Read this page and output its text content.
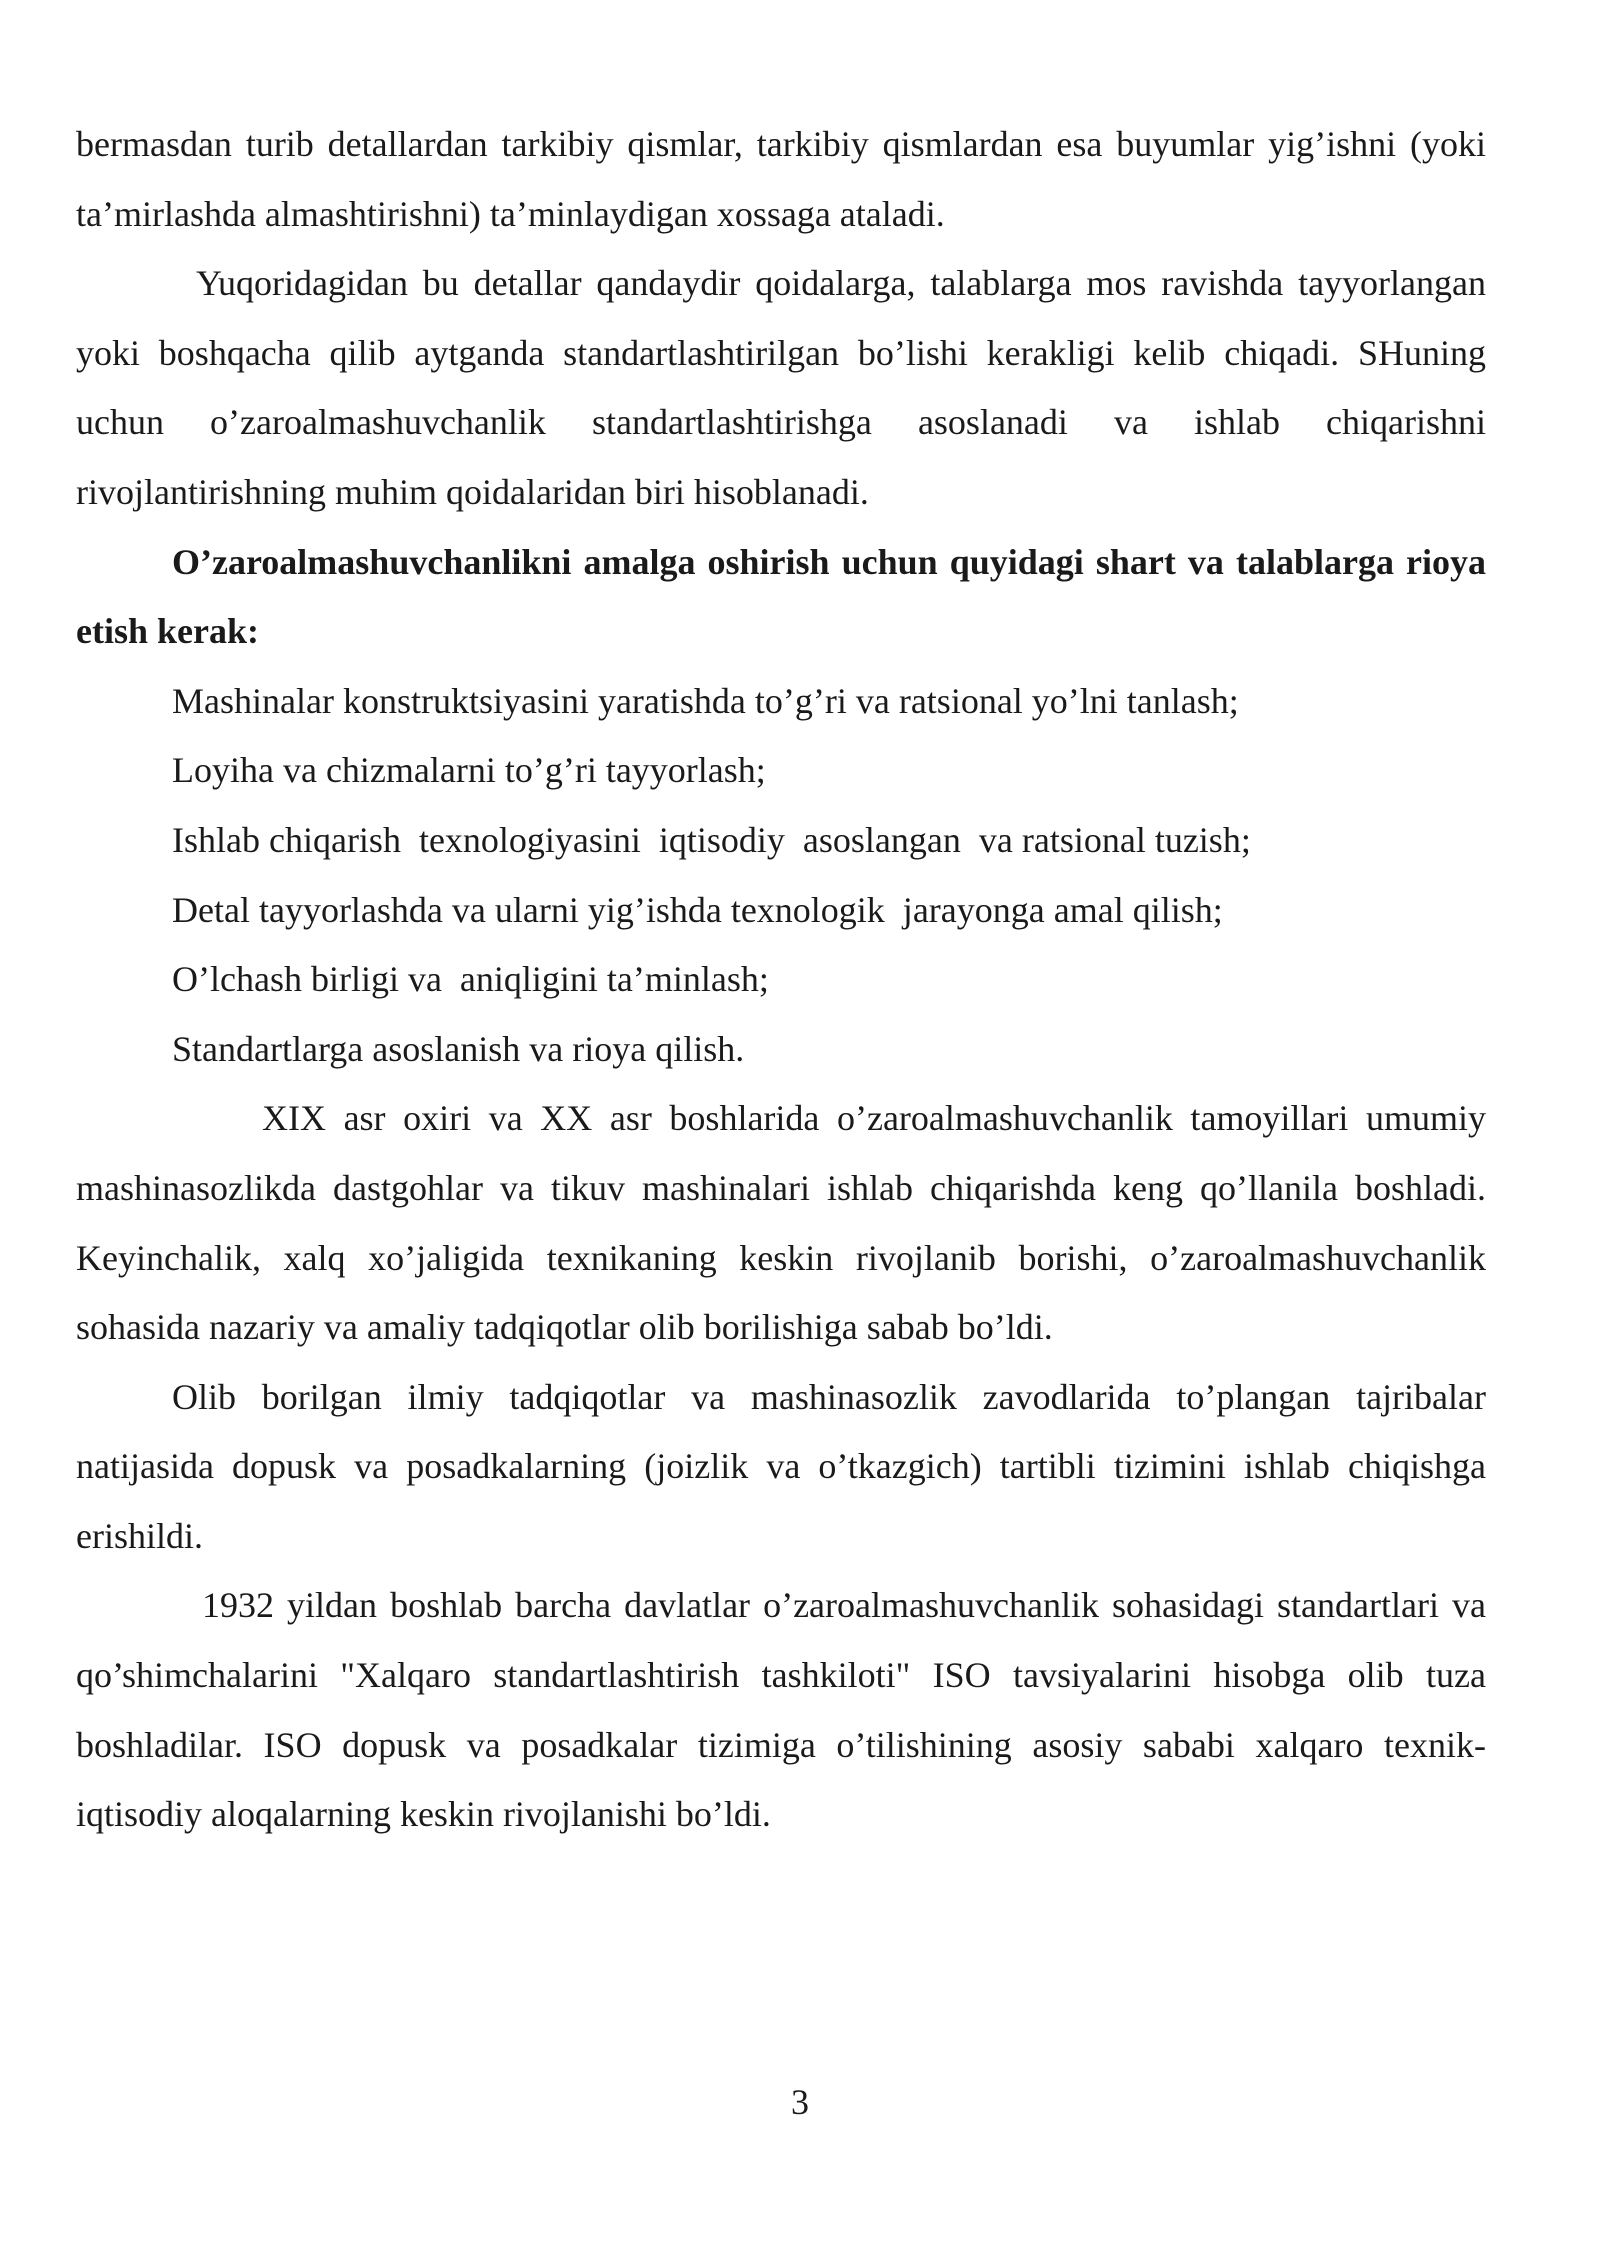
bermasdan turib detallardan tarkibiy qismlar, tarkibiy qismlardan esa buyumlar yig’ishni (yoki ta’mirlashda almashtirishni) ta’minlaydigan xossaga ataladi.

Yuqoridagidan bu detallar qandaydir qoidalarga, talablarga mos ravishda tayyorlangan yoki boshqacha qilib aytganda standartlashtirilgan bo’lishi kerakligi kelib chiqadi. SHuning uchun o’zaroalmashuvchanlik standartlashtirishga asoslanadi va ishlab chiqarishni rivojlantirishning muhim qoidalaridan biri hisoblanadi.

O’zaroalmashuvchanlikni amalga oshirish uchun quyidagi shart va talablarga rioya etish kerak:

Mashinalar konstruktsiyasini yaratishda to’g’ri va ratsional yo’lni tanlash;

Loyiha va chizmalarni to’g’ri tayyorlash;

Ishlab chiqarish  texnologiyasini  iqtisodiy  asoslangan  va ratsional tuzish;

Detal tayyorlashda va ularni yig’ishda texnologik  jarayonga amal qilish;

O’lchash birligi va  aniqligini ta’minlash;

Standartlarga asoslanish va rioya qilish.

XIX asr oxiri va XX asr boshlarida o’zaroalmashuvchanlik tamoyillari umumiy mashinasozlikda dastgohlar va tikuv mashinalari ishlab chiqarishda keng qo’llanila boshladi. Keyinchalik, xalq xo’jaligida texnikaning keskin rivojlanib borishi, o’zaroalmashuvchanlik sohasida nazariy va amaliy tadqiqotlar olib borilishiga sabab bo’ldi.

Olib borilgan ilmiy tadqiqotlar va mashinasozlik zavodlarida to’plangan tajribalar natijasida dopusk va posadkalarning (joizlik va o’tkazgich) tartibli tizimini ishlab chiqishga erishildi.

1932 yildan boshlab barcha davlatlar o’zaroalmashuvchanlik sohasidagi standartlari va qo’shimchalarini "Xalqaro standartlashtirish tashkiloti" ISO tavsiyalarini hisobga olib tuza boshladilar. ISO dopusk va posadkalar tizimiga o’tilishining asosiy sababi xalqaro texnik-iqtisodiy aloqalarning keskin rivojlanishi bo’ldi.

3
